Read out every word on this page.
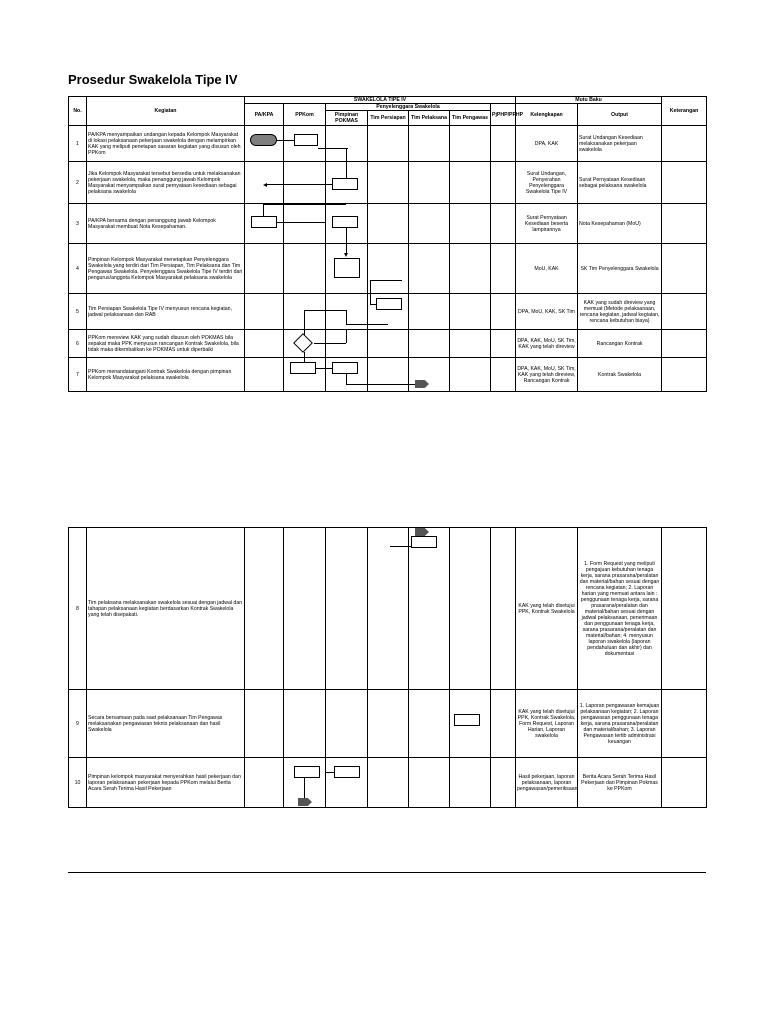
Prosedur Swakelola Tipe IV
No.	Kegiatan	SWAKELOLA TIPE IV							Mutu Baku		Keterangan
		PA/KPA	PPKom	Penyelenggara Swakelola				PjPHP/PPHP	Kelengkapan	Output	
				Pimpinan POKMAS	Tim Persiapan	Tim Pelaksana	Tim Pengawas				
1	PA/KPA menyampaikan undangan kepada Kelompok Masyarakat di lokasi pelaksanaan pekerjaan swakelola dengan melampirkan KAK yang meliputi penetapan sasaran kegiatan yang disusun oleh PPKom								DPA, KAK	Surat Undangan Kesediaan melaksanakan pekerjaan swakelola	
2	Jika Kelompok Masyarakat tersebut bersedia untuk melaksanakan pekerjaan swakelola, maka penanggung jawab Kelompok Masyarakat menyampaikan surat pernyataan kesediaan sebagai pelaksana swakelola								Surat Undangan, Penyerahan Penyelenggara Swakelola Tipe IV	Surat Pernyataan Kesediaan sebagai pelaksana swakelola	
3	PA/KPA bersama dengan penanggung jawab Kelompok Masyarakat membuat Nota Kesepahaman.								Surat Pernyataan Kesediaan beserta lampirannya	Nota Kesepahaman (MoU)	
4	Pimpinan Kelompok Masyarakat menetapkan Penyelenggara Swakelola yang terdiri dari Tim Persiapan, Tim Pelaksana dan Tim Pengawas Swakelola. Penyelenggara Swakelola Tipe IV terdiri dari pengurus/anggota Kelompok Masyarakat pelaksana swakelola								MoU, KAK	SK Tim Penyelenggara Swakelola	
5	Tim Persiapan Swakelola Tipe IV menyusun rencana kegiatan, jadwal pelaksanaan dan RAB								DPA, MoU, KAK, SK Tim	KAK yang sudah direview yang memuat (Metode pelaksanaan, rencana kegiatan, jadwal kegiatan, rencana kebutuhan biaya)	
6	PPKom mereview KAK yang sudah disusun oleh POKMAS bila sepakat maka PPK menyusun rancangan Kontrak Swakelola, bila tidak maka dikembalikan ke POKMAS untuk diperbaiki								DPA, KAK, MoU, SK Tim, KAK yang telah direview	Rancangan Kontrak	
7	PPKom menandatangani Kontrak Swakelola dengan pimpinan Kelompok Masyarakat pelaksana swakelola								DPA, KAK, MoU, SK Tim, KAK yang telah direview, Rancangan Kontrak	Kontrak Swakelola	
8	Tim pelaksana melaksanakan swakelola sesuai dengan jadwal dan tahapan pelaksanaan kegiatan berdasarkan Kontrak Swakelola yang telah disepakati.								KAK yang telah disetujui PPK, Kontrak Swakelola	1. Form Request yang meliputi pengajuan kebutuhan tenaga kerja, sarana prasarana/peralatan dan material/bahan sesuai dengan rencana kegiatan; 2. Laporan harian yang memuat antara lain : penggunaan tenaga kerja, sarana prasarana/peralatan dan material/bahan sesuai dengan jadwal pelaksanaan, penerimaan dan penggunaan tenaga kerja, sarana prasarana/peralatan dan material/bahan; 4. menyusun laporan swakelola (laporan pendahuluan dan akhir) dan dokumentasi	
9	Secara bersamaan pada saat pelaksanaan Tim Pengawas melaksanakan pengawasan teknis pelaksanaan dan hasil Swakelola								KAK yang telah disetujui PPK, Kontrak Swakelola, Form Request, Laporan Harian, Laporan swakelola	1. Laporan pengawasan kemajuan pelaksanaan kegiatan; 2. Laporan pengawasan penggunaan tenaga kerja, sarana prasarana/peralatan dan material/bahan; 3. Laporan Pengawasan tertib administrasi keuangan	
10	Pimpinan kelompok masyarakat menyerahkan hasil pekerjaan dan laporan pelaksanaan pekerjaan kepada PPKom melalui Berita Acara Serah Terima Hasil Pekerjaan								Hasil pekerjaan, laporan pelaksanaan, laporan pengawasan/pemeriksaan	Berita Acara Serah Terima Hasil Pekerjaan dari Pimpinan Pokmas ke PPKom	
